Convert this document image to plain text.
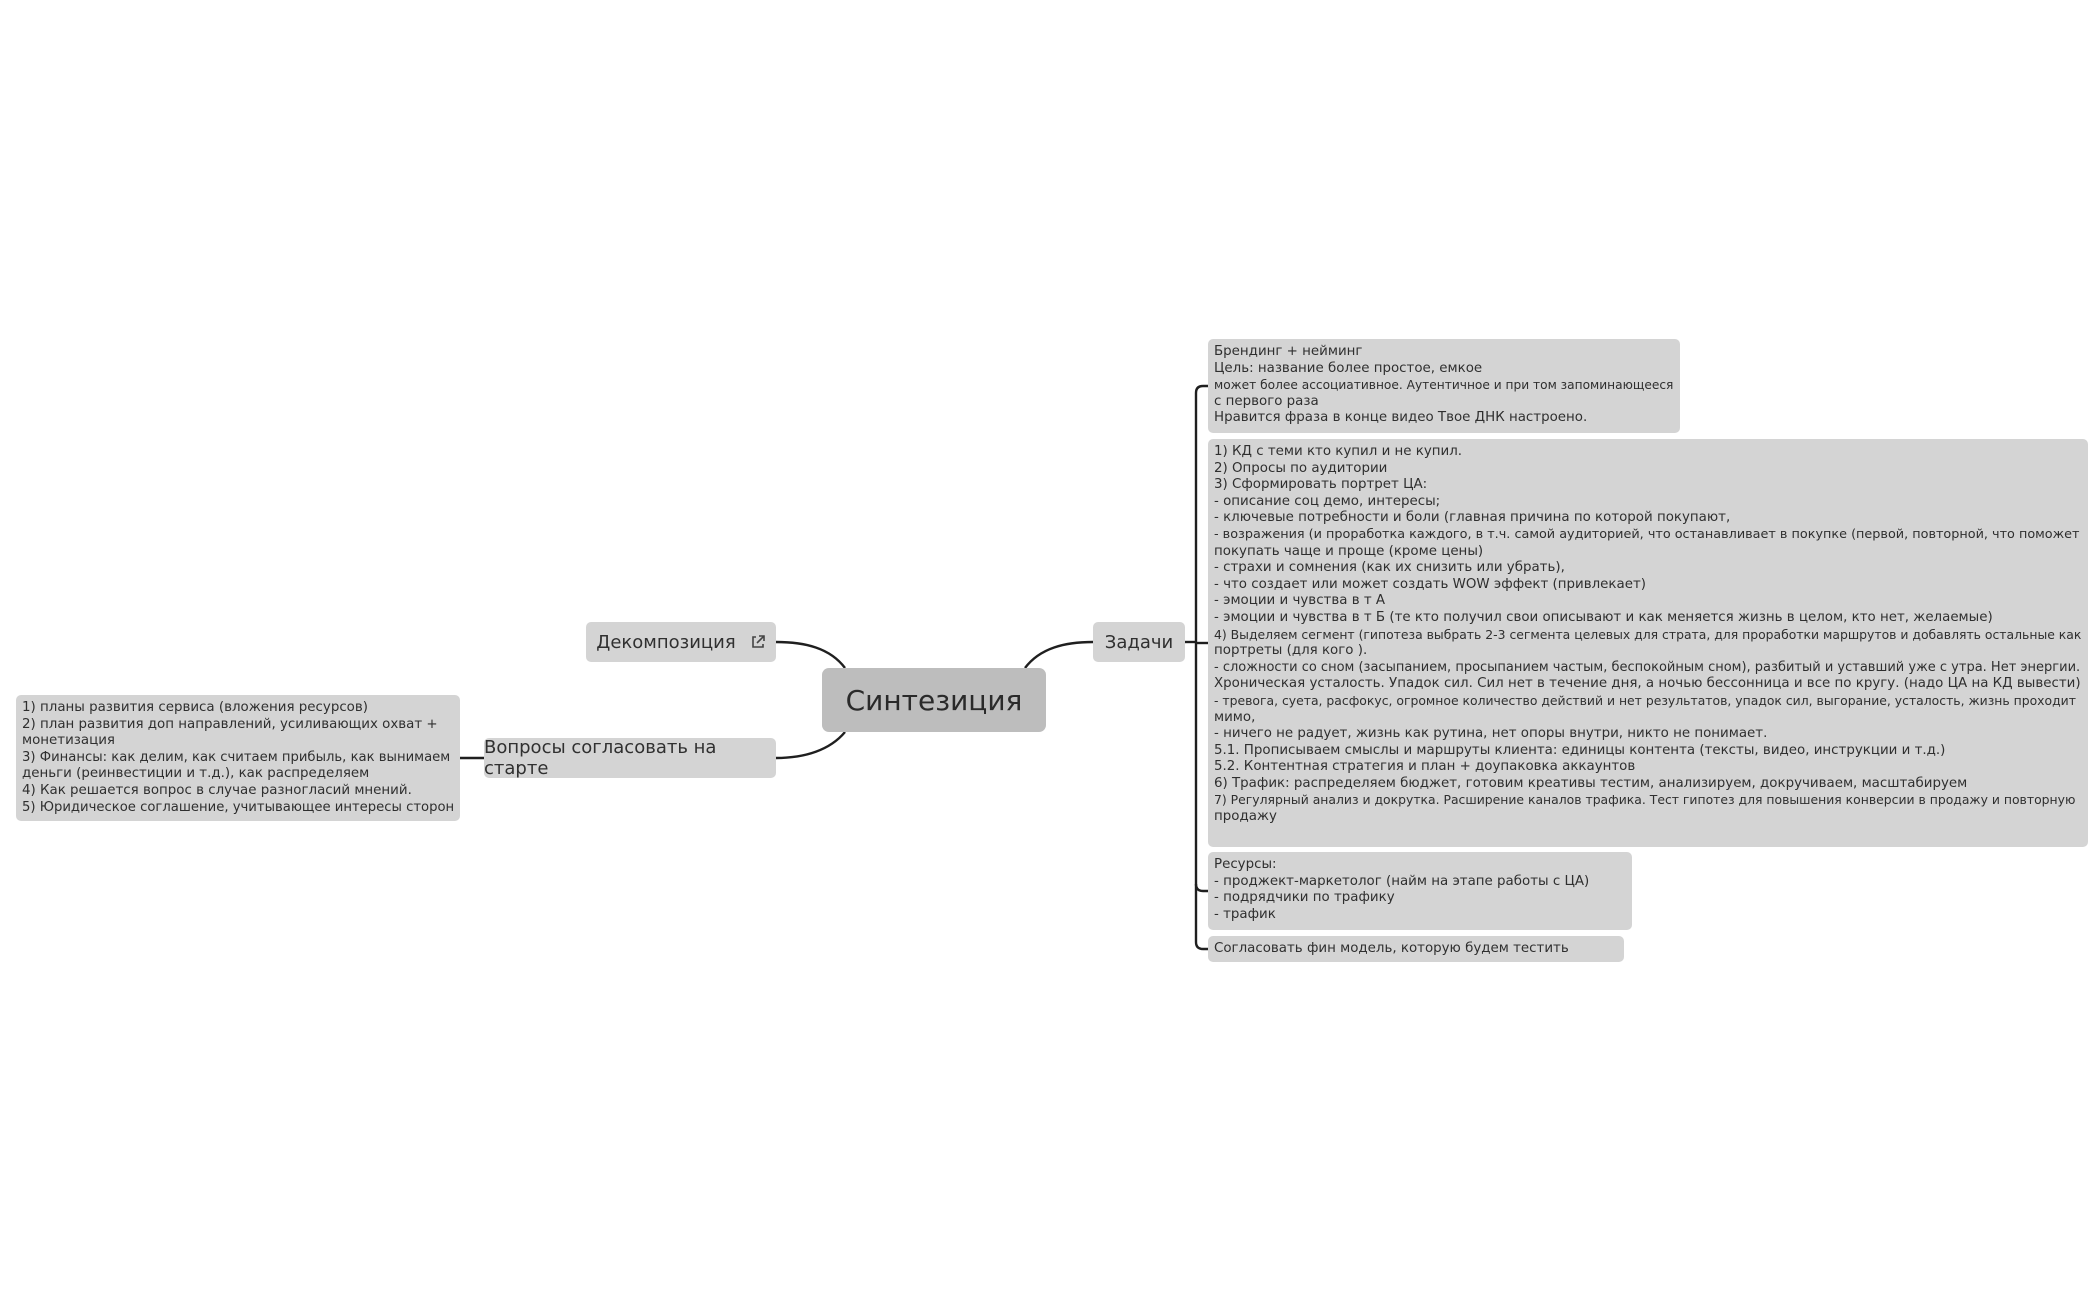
Синтезиция
Декомпозиция
Вопросы согласовать на старте
Задачи
1) планы развития сервиса (вложения ресурсов)
2) план развития доп направлений, усиливающих охват +
монетизация
3) Финансы: как делим, как считаем прибыль, как вынимаем
деньги (реинвестиции и т.д.), как распределяем
4) Как решается вопрос в случае разногласий мнений.
5) Юридическое соглашение, учитывающее интересы сторон
Брендинг + нейминг
Цель: название более простое, емкое
может более ассоциативное. Аутентичное и при том запоминающееся
с первого раза
Нравится фраза в конце видео Твое ДНК настроено.
1) КД с теми кто купил и не купил.
2) Опросы по аудитории
3) Сформировать портрет ЦА:
- описание соц демо, интересы;
- ключевые потребности и боли (главная причина по которой покупают,
- возражения (и проработка каждого, в т.ч. самой аудиторией, что останавливает в покупке (первой, повторной, что поможет
покупать чаще и проще (кроме цены)
- страхи и сомнения (как их снизить или убрать),
- что создает или может создать WOW эффект (привлекает)
- эмоции и чувства в т А
- эмоции и чувства в т Б (те кто получил свои описывают и как меняется жизнь в целом, кто нет, желаемые)
4) Выделяем сегмент (гипотеза выбрать 2-3 сегмента целевых для страта, для проработки маршрутов и добавлять остальные как
портреты (для кого ).
- сложности со сном (засыпанием, просыпанием частым, беспокойным сном), разбитый и уставший уже с утра. Нет энергии.
Хроническая усталость. Упадок сил. Сил нет в течение дня, а ночью бессонница и все по кругу. (надо ЦА на КД вывести)
- тревога, суета, расфокус, огромное количество действий и нет результатов, упадок сил, выгорание, усталость, жизнь проходит
мимо,
- ничего не радует, жизнь как рутина, нет опоры внутри, никто не понимает.
5.1. Прописываем смыслы и маршруты клиента: единицы контента (тексты, видео, инструкции и т.д.)
5.2. Контентная стратегия и план + доупаковка аккаунтов
6) Трафик: распределяем бюджет, готовим креативы тестим, анализируем, докручиваем, масштабируем
7) Регулярный анализ и докрутка. Расширение каналов трафика. Тест гипотез для повышения конверсии в продажу и повторную
продажу
Ресурсы:
- проджект-маркетолог (найм на этапе работы с ЦА)
- подрядчики по трафику
- трафик
Согласовать фин модель, которую будем тестить
